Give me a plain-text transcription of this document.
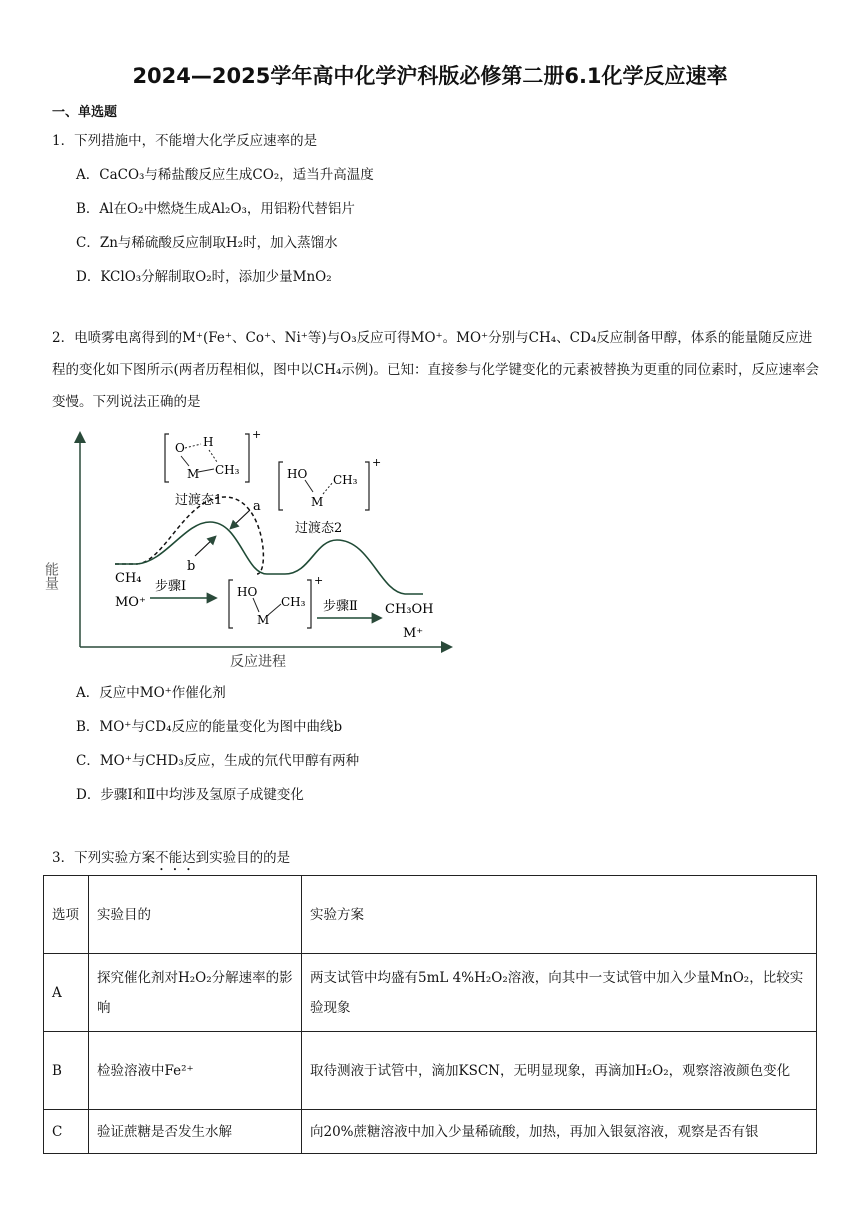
2024—2025学年高中化学沪科版必修第二册6.1化学反应速率
一、单选题
1．下列措施中，不能增大化学反应速率的是
A．CaCO₃与稀盐酸反应生成CO₂，适当升高温度
B．Al在O₂中燃烧生成Al₂O₃，用铝粉代替铝片
C．Zn与稀硫酸反应制取H₂时，加入蒸馏水
D．KClO₃分解制取O₂时，添加少量MnO₂
2．电喷雾电离得到的M⁺(Fe⁺、Co⁺、Ni⁺等)与O₃反应可得MO⁺。MO⁺分别与CH₄、CD₄反应制备甲醇，体系的能量随反应进程的变化如下图所示(两者历程相似，图中以CH₄示例)。已知：直接参与化学键变化的元素被替换为更重的同位素时，反应速率会变慢。下列说法正确的是
能量
反应进程
a
b
+
O H
M CH₃
过渡态1
+
HO CH₃
M
过渡态2
CH₄
MO⁺
步骤Ⅰ	+
HO
M
CH₃ 步骤Ⅱ CH₃OH
M⁺
A．反应中MO⁺作催化剂
B．MO⁺与CD₄反应的能量变化为图中曲线b
C．MO⁺与CHD₃反应，生成的氘代甲醇有两种
D．步骤Ⅰ和Ⅱ中均涉及氢原子成键变化
3．下列实验方案不能达到实验目的的是
选项	实验目的	实验方案
A	探究催化剂对H₂O₂分解速率的影响	两支试管中均盛有5mL 4%H₂O₂溶液，向其中一支试管中加入少量MnO₂，比较实验现象
B	检验溶液中Fe²⁺	取待测液于试管中，滴加KSCN，无明显现象，再滴加H₂O₂，观察溶液颜色变化
C	验证蔗糖是否发生水解	向20%蔗糖溶液中加入少量稀硫酸，加热，再加入银氨溶液，观察是否有银
